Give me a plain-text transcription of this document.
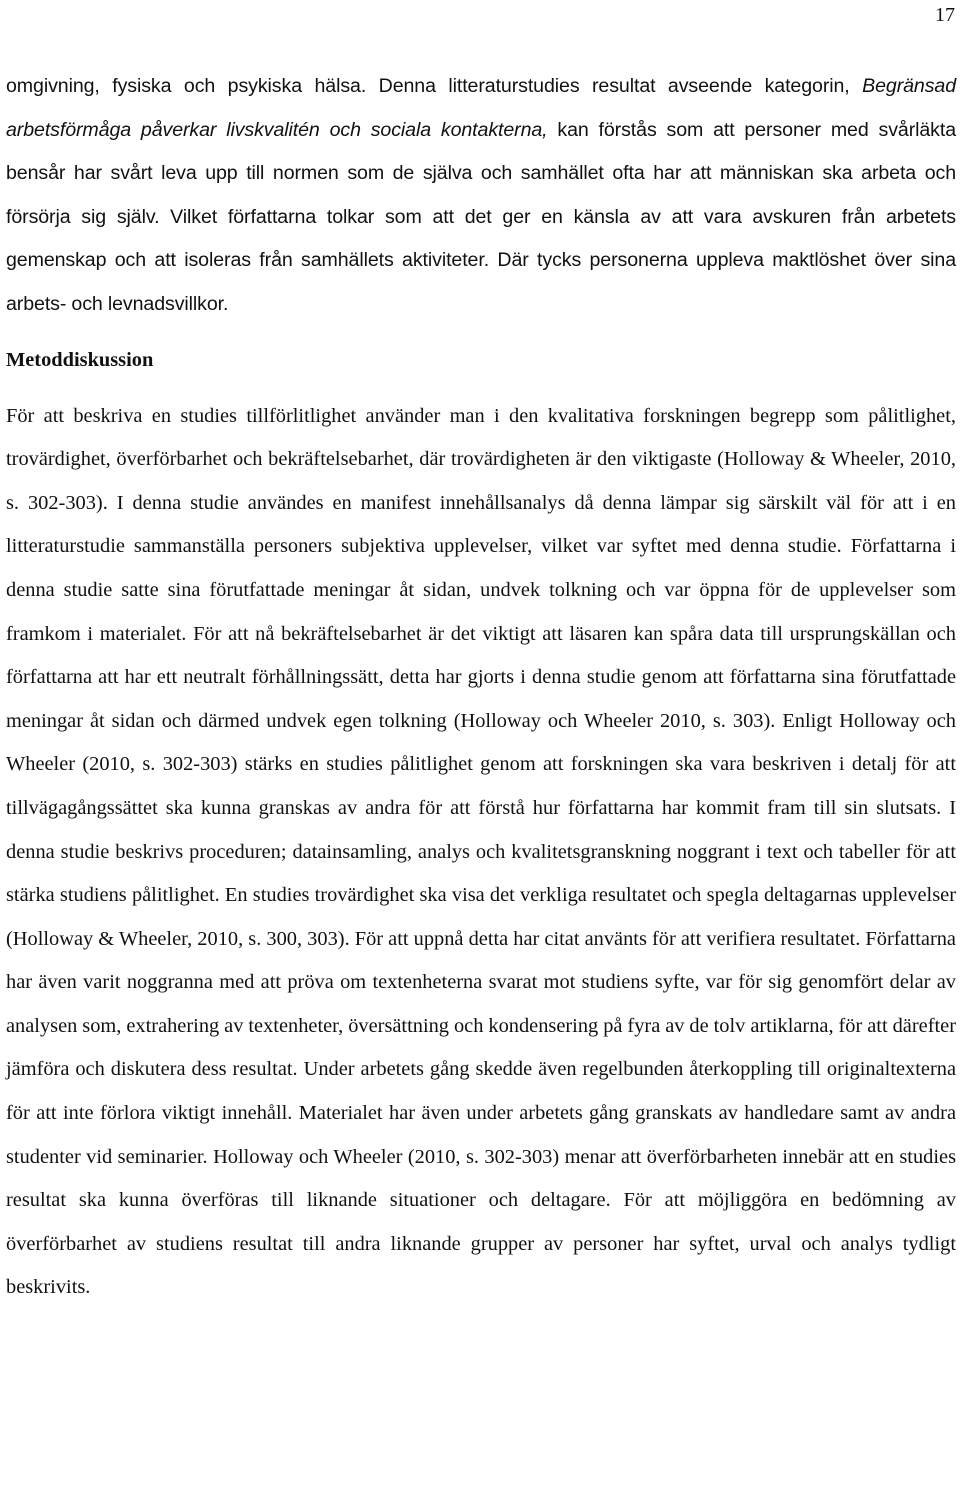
17

omgivning, fysiska och psykiska hälsa. Denna litteraturstudies resultat avseende kategorin, Begränsad arbetsförmåga påverkar livskvalitén och sociala kontakterna, kan förstås som att personer med svårläkta bensår har svårt leva upp till normen som de själva och samhället ofta har att människan ska arbeta och försörja sig själv. Vilket författarna tolkar som att det ger en känsla av att vara avskuren från arbetets gemenskap och att isoleras från samhällets aktiviteter. Där tycks personerna uppleva maktlöshet över sina arbets- och levnadsvillkor.

Metoddiskussion

För att beskriva en studies tillförlitlighet använder man i den kvalitativa forskningen begrepp som pålitlighet, trovärdighet, överförbarhet och bekräftelsebarhet, där trovärdigheten är den viktigaste (Holloway & Wheeler, 2010, s. 302-303). I denna studie användes en manifest innehållsanalys då denna lämpar sig särskilt väl för att i en litteraturstudie sammanställa personers subjektiva upplevelser, vilket var syftet med denna studie. Författarna i denna studie satte sina förutfattade meningar åt sidan, undvek tolkning och var öppna för de upplevelser som framkom i materialet. För att nå bekräftelsebarhet är det viktigt att läsaren kan spåra data till ursprungskällan och författarna att har ett neutralt förhållningssätt, detta har gjorts i denna studie genom att författarna sina förutfattade meningar åt sidan och därmed undvek egen tolkning (Holloway och Wheeler 2010, s. 303). Enligt Holloway och Wheeler (2010, s. 302-303) stärks en studies pålitlighet genom att forskningen ska vara beskriven i detalj för att tillvägagångssättet ska kunna granskas av andra för att förstå hur författarna har kommit fram till sin slutsats. I denna studie beskrivs proceduren; datainsamling, analys och kvalitetsgranskning noggrant i text och tabeller för att stärka studiens pålitlighet. En studies trovärdighet ska visa det verkliga resultatet och spegla deltagarnas upplevelser (Holloway & Wheeler, 2010, s. 300, 303). För att uppnå detta har citat använts för att verifiera resultatet. Författarna har även varit noggranna med att pröva om textenheterna svarat mot studiens syfte, var för sig genomfört delar av analysen som, extrahering av textenheter, översättning och kondensering på fyra av de tolv artiklarna, för att därefter jämföra och diskutera dess resultat. Under arbetets gång skedde även regelbunden återkoppling till originaltexterna för att inte förlora viktigt innehåll. Materialet har även under arbetets gång granskats av handledare samt av andra studenter vid seminarier. Holloway och Wheeler (2010, s. 302-303) menar att överförbarheten innebär att en studies resultat ska kunna överföras till liknande situationer och deltagare. För att möjliggöra en bedömning av överförbarhet av studiens resultat till andra liknande grupper av personer har syftet, urval och analys tydligt beskrivits.
